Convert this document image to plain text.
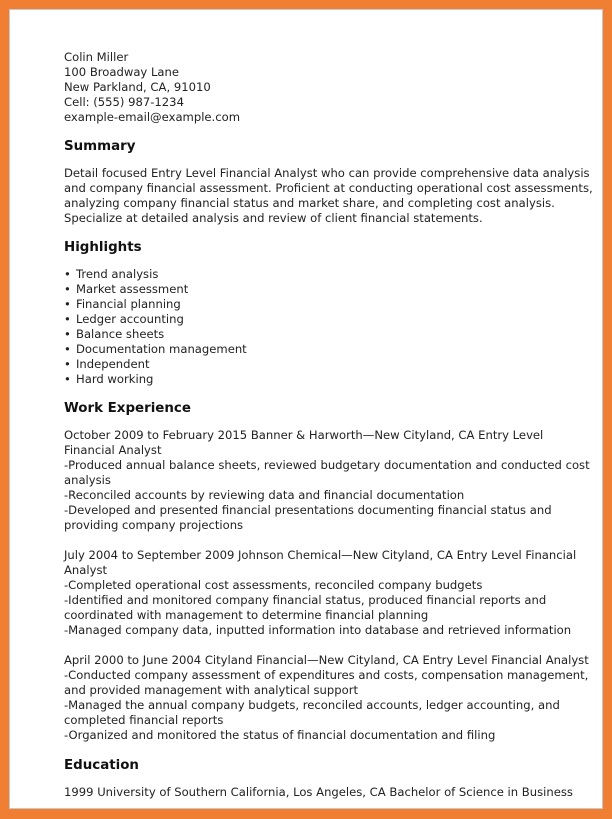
Colin Miller
100 Broadway Lane
New Parkland, CA, 91010
Cell: (555) 987-1234
example-email@example.com
Summary

Detail focused Entry Level Financial Analyst who can provide comprehensive data analysis and company financial assessment. Proficient at conducting operational cost assessments, analyzing company financial status and market share, and completing cost analysis. Specialize at detailed analysis and review of client financial statements.

Highlights
• Trend analysis
• Market assessment
• Financial planning
• Ledger accounting
• Balance sheets
• Documentation management
• Independent
• Hard working
Work Experience
October 2009 to February 2015 Banner & Harworth—New Cityland, CA Entry Level Financial Analyst
-Produced annual balance sheets, reviewed budgetary documentation and conducted cost analysis
-Reconciled accounts by reviewing data and financial documentation
-Developed and presented financial presentations documenting financial status and providing company projections
July 2004 to September 2009 Johnson Chemical—New Cityland, CA Entry Level Financial Analyst
-Completed operational cost assessments, reconciled company budgets
-Identified and monitored company financial status, produced financial reports and coordinated with management to determine financial planning
-Managed company data, inputted information into database and retrieved information
April 2000 to June 2004 Cityland Financial—New Cityland, CA Entry Level Financial Analyst
-Conducted company assessment of expenditures and costs, compensation management, and provided management with analytical support
-Managed the annual company budgets, reconciled accounts, ledger accounting, and completed financial reports
-Organized and monitored the status of financial documentation and filing
Education

1999 University of Southern California, Los Angeles, CA Bachelor of Science in Business
